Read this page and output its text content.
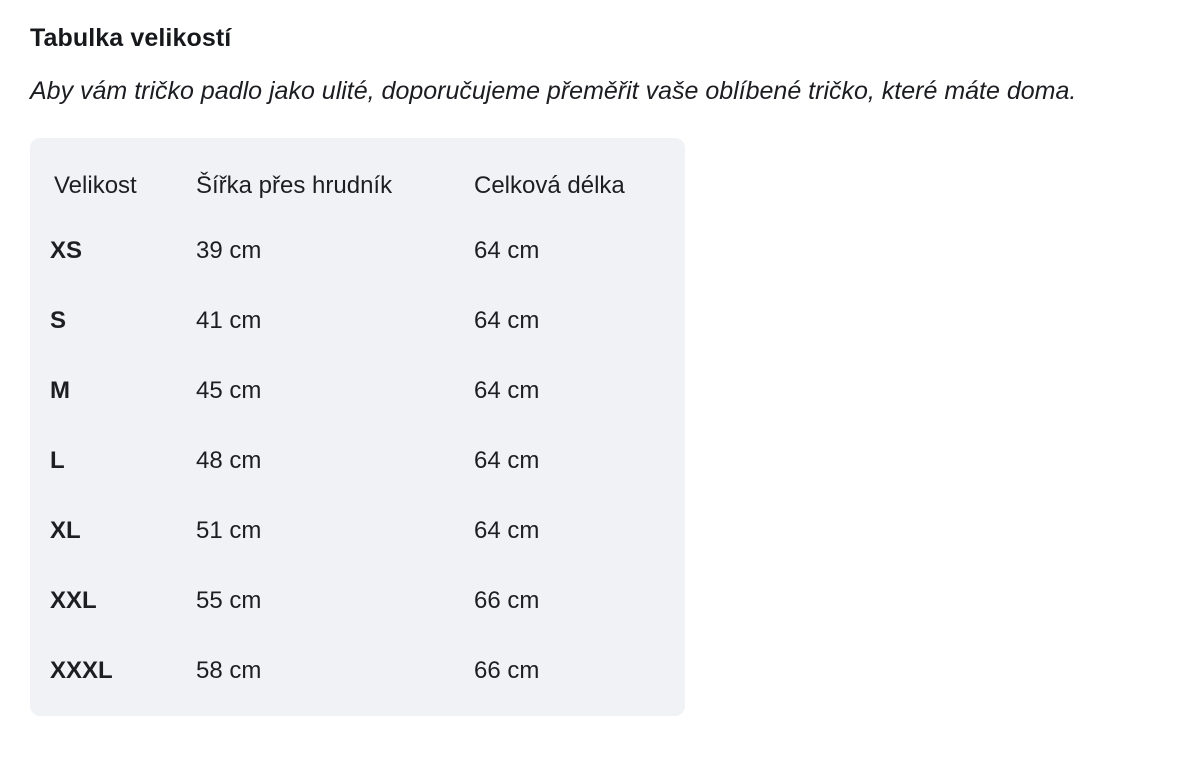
Tabulka velikostí

Aby vám tričko padlo jako ulité, doporučujeme přeměřit vaše oblíbené tričko, které máte doma.

Velikost	Šířka přes hrudník	Celková délka
XS	39 cm	64 cm
S	41 cm	64 cm
M	45 cm	64 cm
L	48 cm	64 cm
XL	51 cm	64 cm
XXL	55 cm	66 cm
XXXL	58 cm	66 cm
